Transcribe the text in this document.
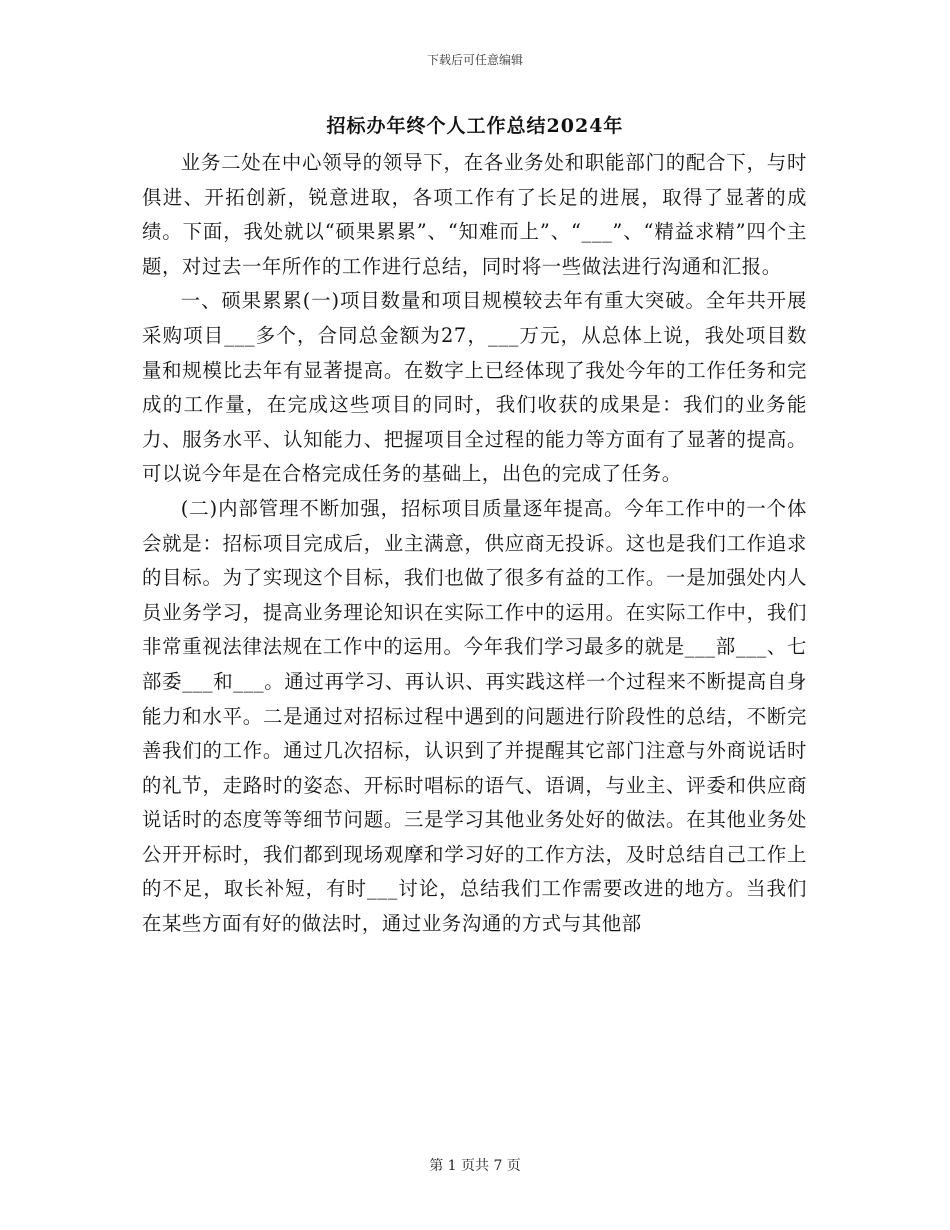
下载后可任意编辑
招标办年终个人工作总结2024年

业务二处在中心领导的领导下，在各业务处和职能部门的配合下，与时俱进、开拓创新，锐意进取，各项工作有了长足的进展，取得了显著的成绩。下面，我处就以“硕果累累”、“知难而上”、“___”、“精益求精”四个主题，对过去一年所作的工作进行总结，同时将一些做法进行沟通和汇报。

一、硕果累累(一)项目数量和项目规模较去年有重大突破。全年共开展采购项目___多个，合同总金额为27，___万元，从总体上说，我处项目数量和规模比去年有显著提高。在数字上已经体现了我处今年的工作任务和完成的工作量，在完成这些项目的同时，我们收获的成果是：我们的业务能力、服务水平、认知能力、把握项目全过程的能力等方面有了显著的提高。可以说今年是在合格完成任务的基础上，出色的完成了任务。

(二)内部管理不断加强，招标项目质量逐年提高。今年工作中的一个体会就是：招标项目完成后，业主满意，供应商无投诉。这也是我们工作追求的目标。为了实现这个目标，我们也做了很多有益的工作。一是加强处内人员业务学习，提高业务理论知识在实际工作中的运用。在实际工作中，我们非常重视法律法规在工作中的运用。今年我们学习最多的就是___部___、七部委___和___。通过再学习、再认识、再实践这样一个过程来不断提高自身能力和水平。二是通过对招标过程中遇到的问题进行阶段性的总结，不断完善我们的工作。通过几次招标，认识到了并提醒其它部门注意与外商说话时的礼节，走路时的姿态、开标时唱标的语气、语调，与业主、评委和供应商说话时的态度等等细节问题。三是学习其他业务处好的做法。在其他业务处公开开标时，我们都到现场观摩和学习好的工作方法，及时总结自己工作上的不足，取长补短，有时___讨论，总结我们工作需要改进的地方。当我们在某些方面有好的做法时，通过业务沟通的方式与其他部

第 1 页共 7 页
